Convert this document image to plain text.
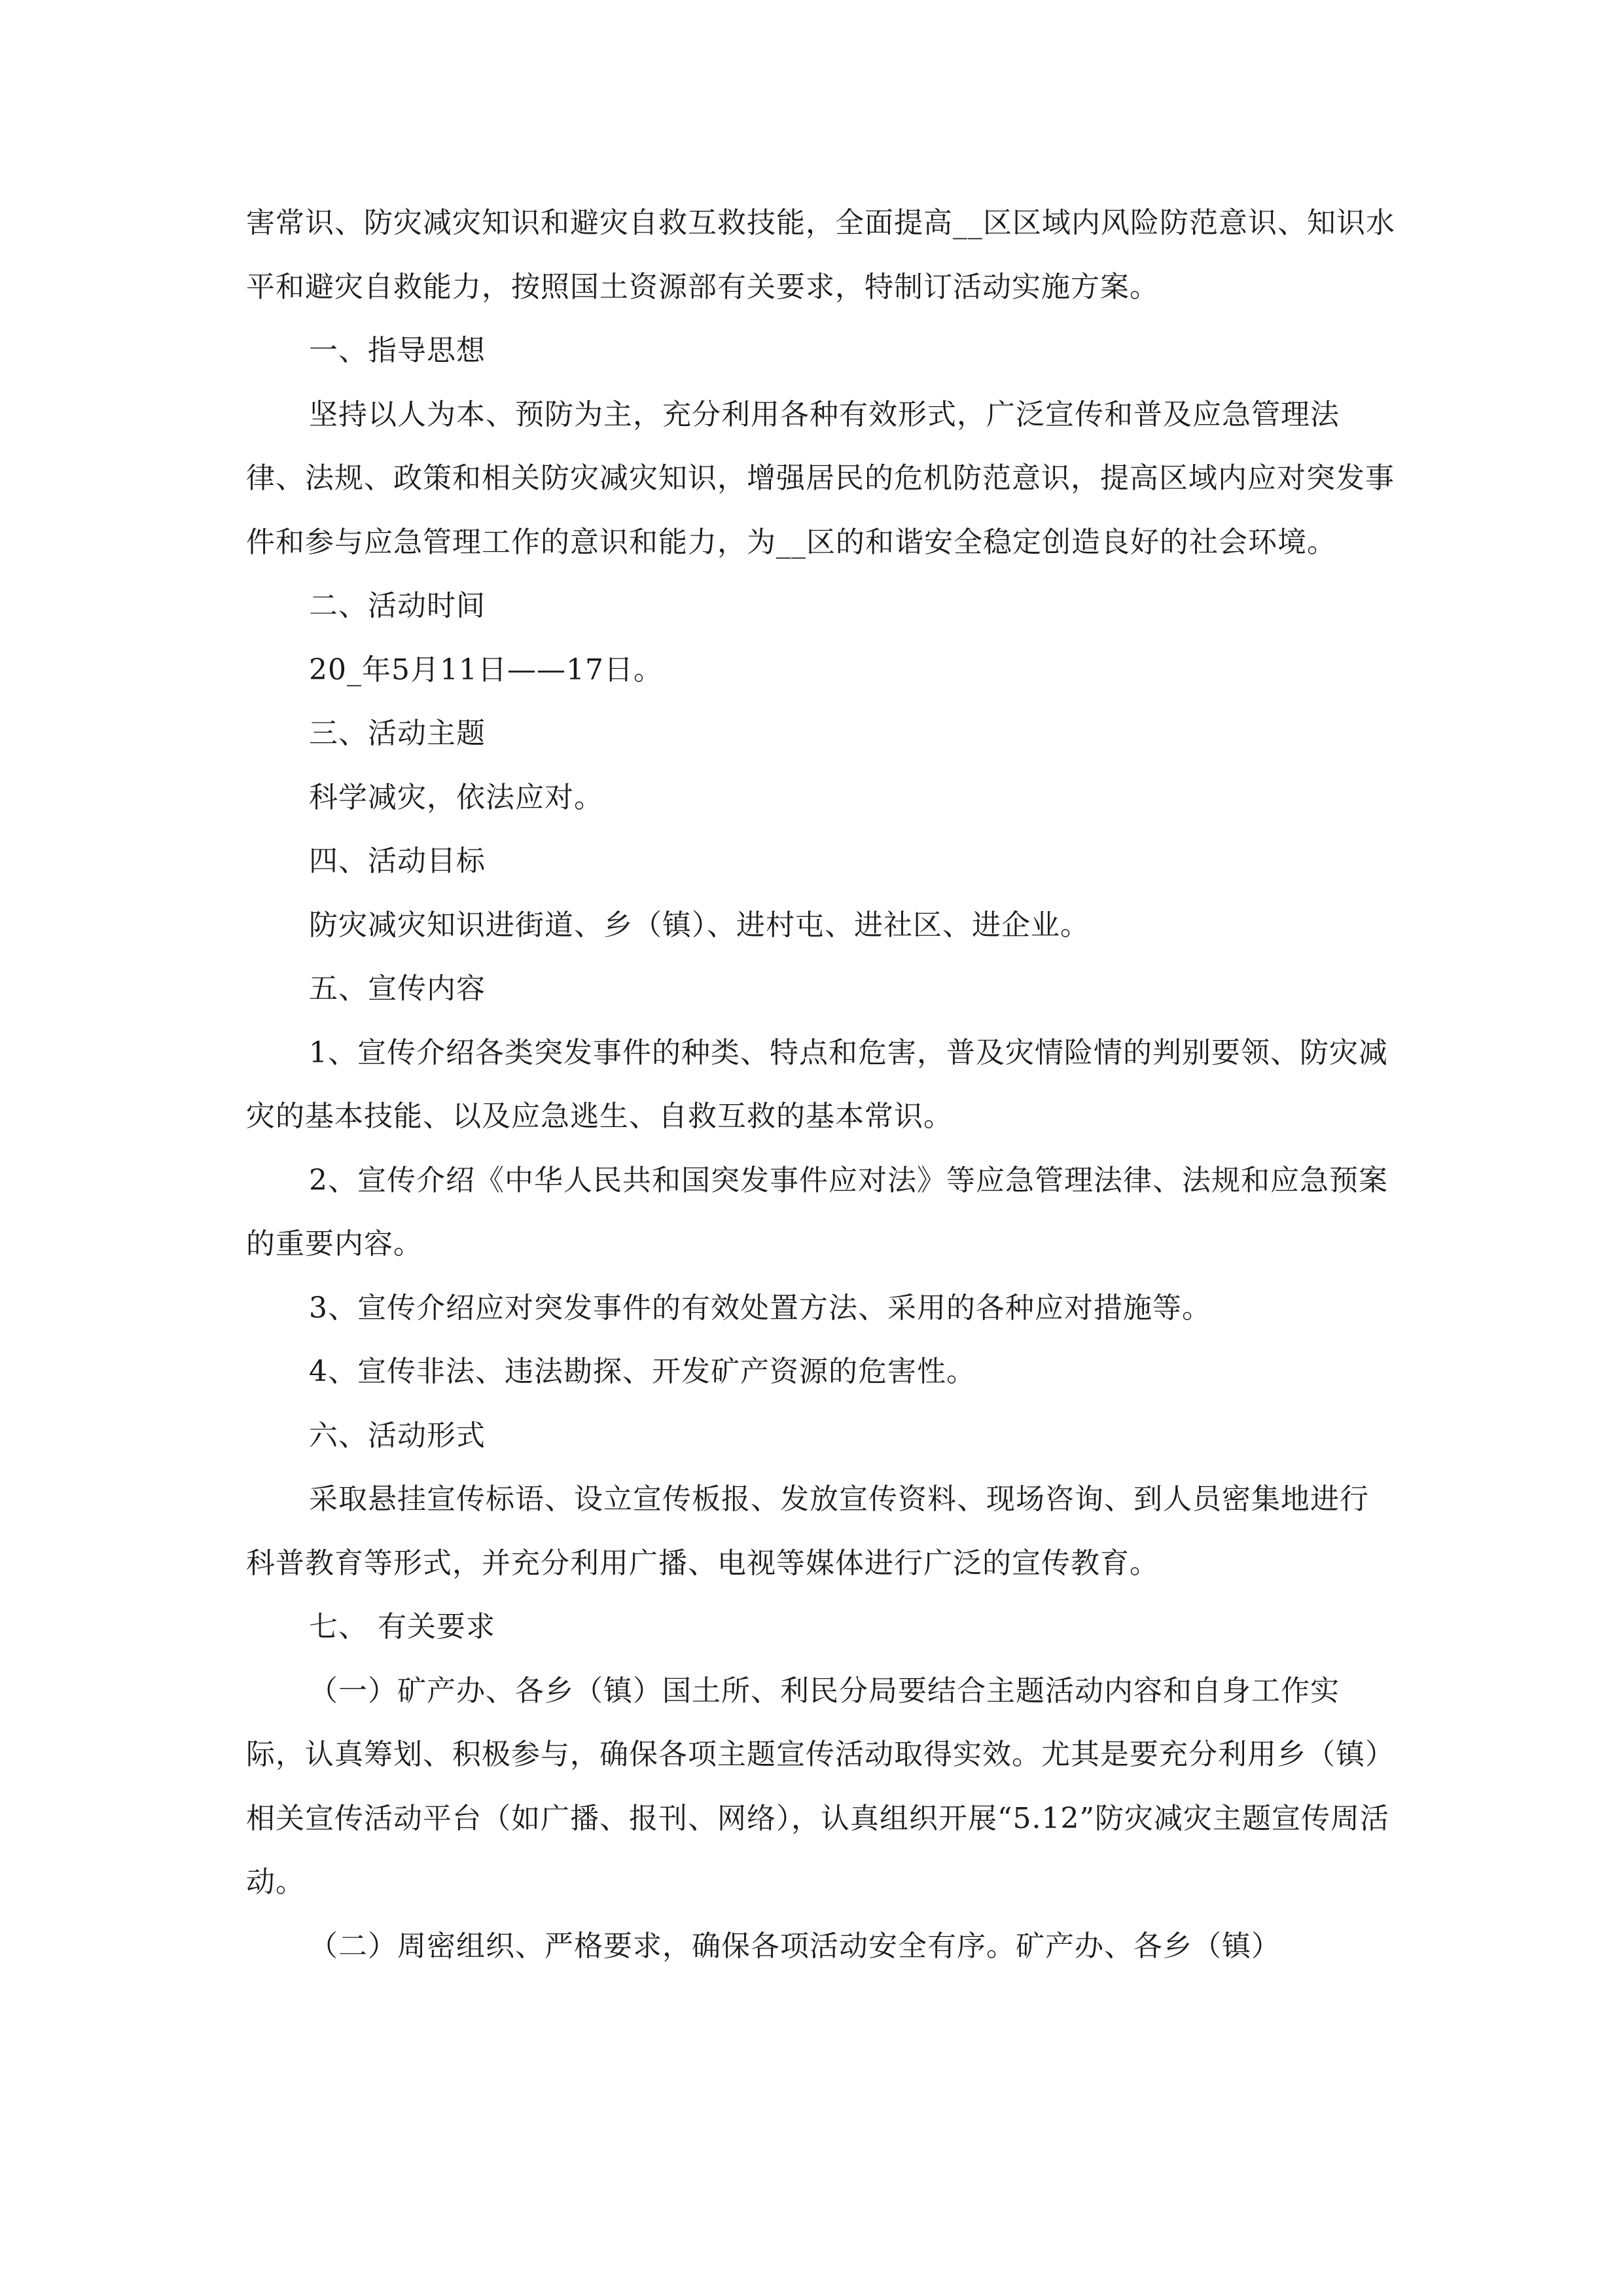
害常识、防灾减灾知识和避灾自救互救技能，全面提高__区区域内风险防范意识、知识水平和避灾自救能力，按照国土资源部有关要求，特制订活动实施方案。

一、指导思想

坚持以人为本、预防为主，充分利用各种有效形式，广泛宣传和普及应急管理法律、法规、政策和相关防灾减灾知识，增强居民的危机防范意识，提高区域内应对突发事件和参与应急管理工作的意识和能力，为__区的和谐安全稳定创造良好的社会环境。

二、活动时间

20_年5月11日——17日。

三、活动主题

科学减灾，依法应对。

四、活动目标

防灾减灾知识进街道、乡（镇）、进村屯、进社区、进企业。

五、宣传内容

1、宣传介绍各类突发事件的种类、特点和危害，普及灾情险情的判别要领、防灾减灾的基本技能、以及应急逃生、自救互救的基本常识。

2、宣传介绍《中华人民共和国突发事件应对法》等应急管理法律、法规和应急预案的重要内容。

3、宣传介绍应对突发事件的有效处置方法、采用的各种应对措施等。

4、宣传非法、违法勘探、开发矿产资源的危害性。

六、活动形式

采取悬挂宣传标语、设立宣传板报、发放宣传资料、现场咨询、到人员密集地进行科普教育等形式，并充分利用广播、电视等媒体进行广泛的宣传教育。

七、 有关要求

（一）矿产办、各乡（镇）国土所、利民分局要结合主题活动内容和自身工作实际，认真筹划、积极参与，确保各项主题宣传活动取得实效。尤其是要充分利用乡（镇）相关宣传活动平台（如广播、报刊、网络），认真组织开展“5.12”防灾减灾主题宣传周活动。

（二）周密组织、严格要求，确保各项活动安全有序。矿产办、各乡（镇）
